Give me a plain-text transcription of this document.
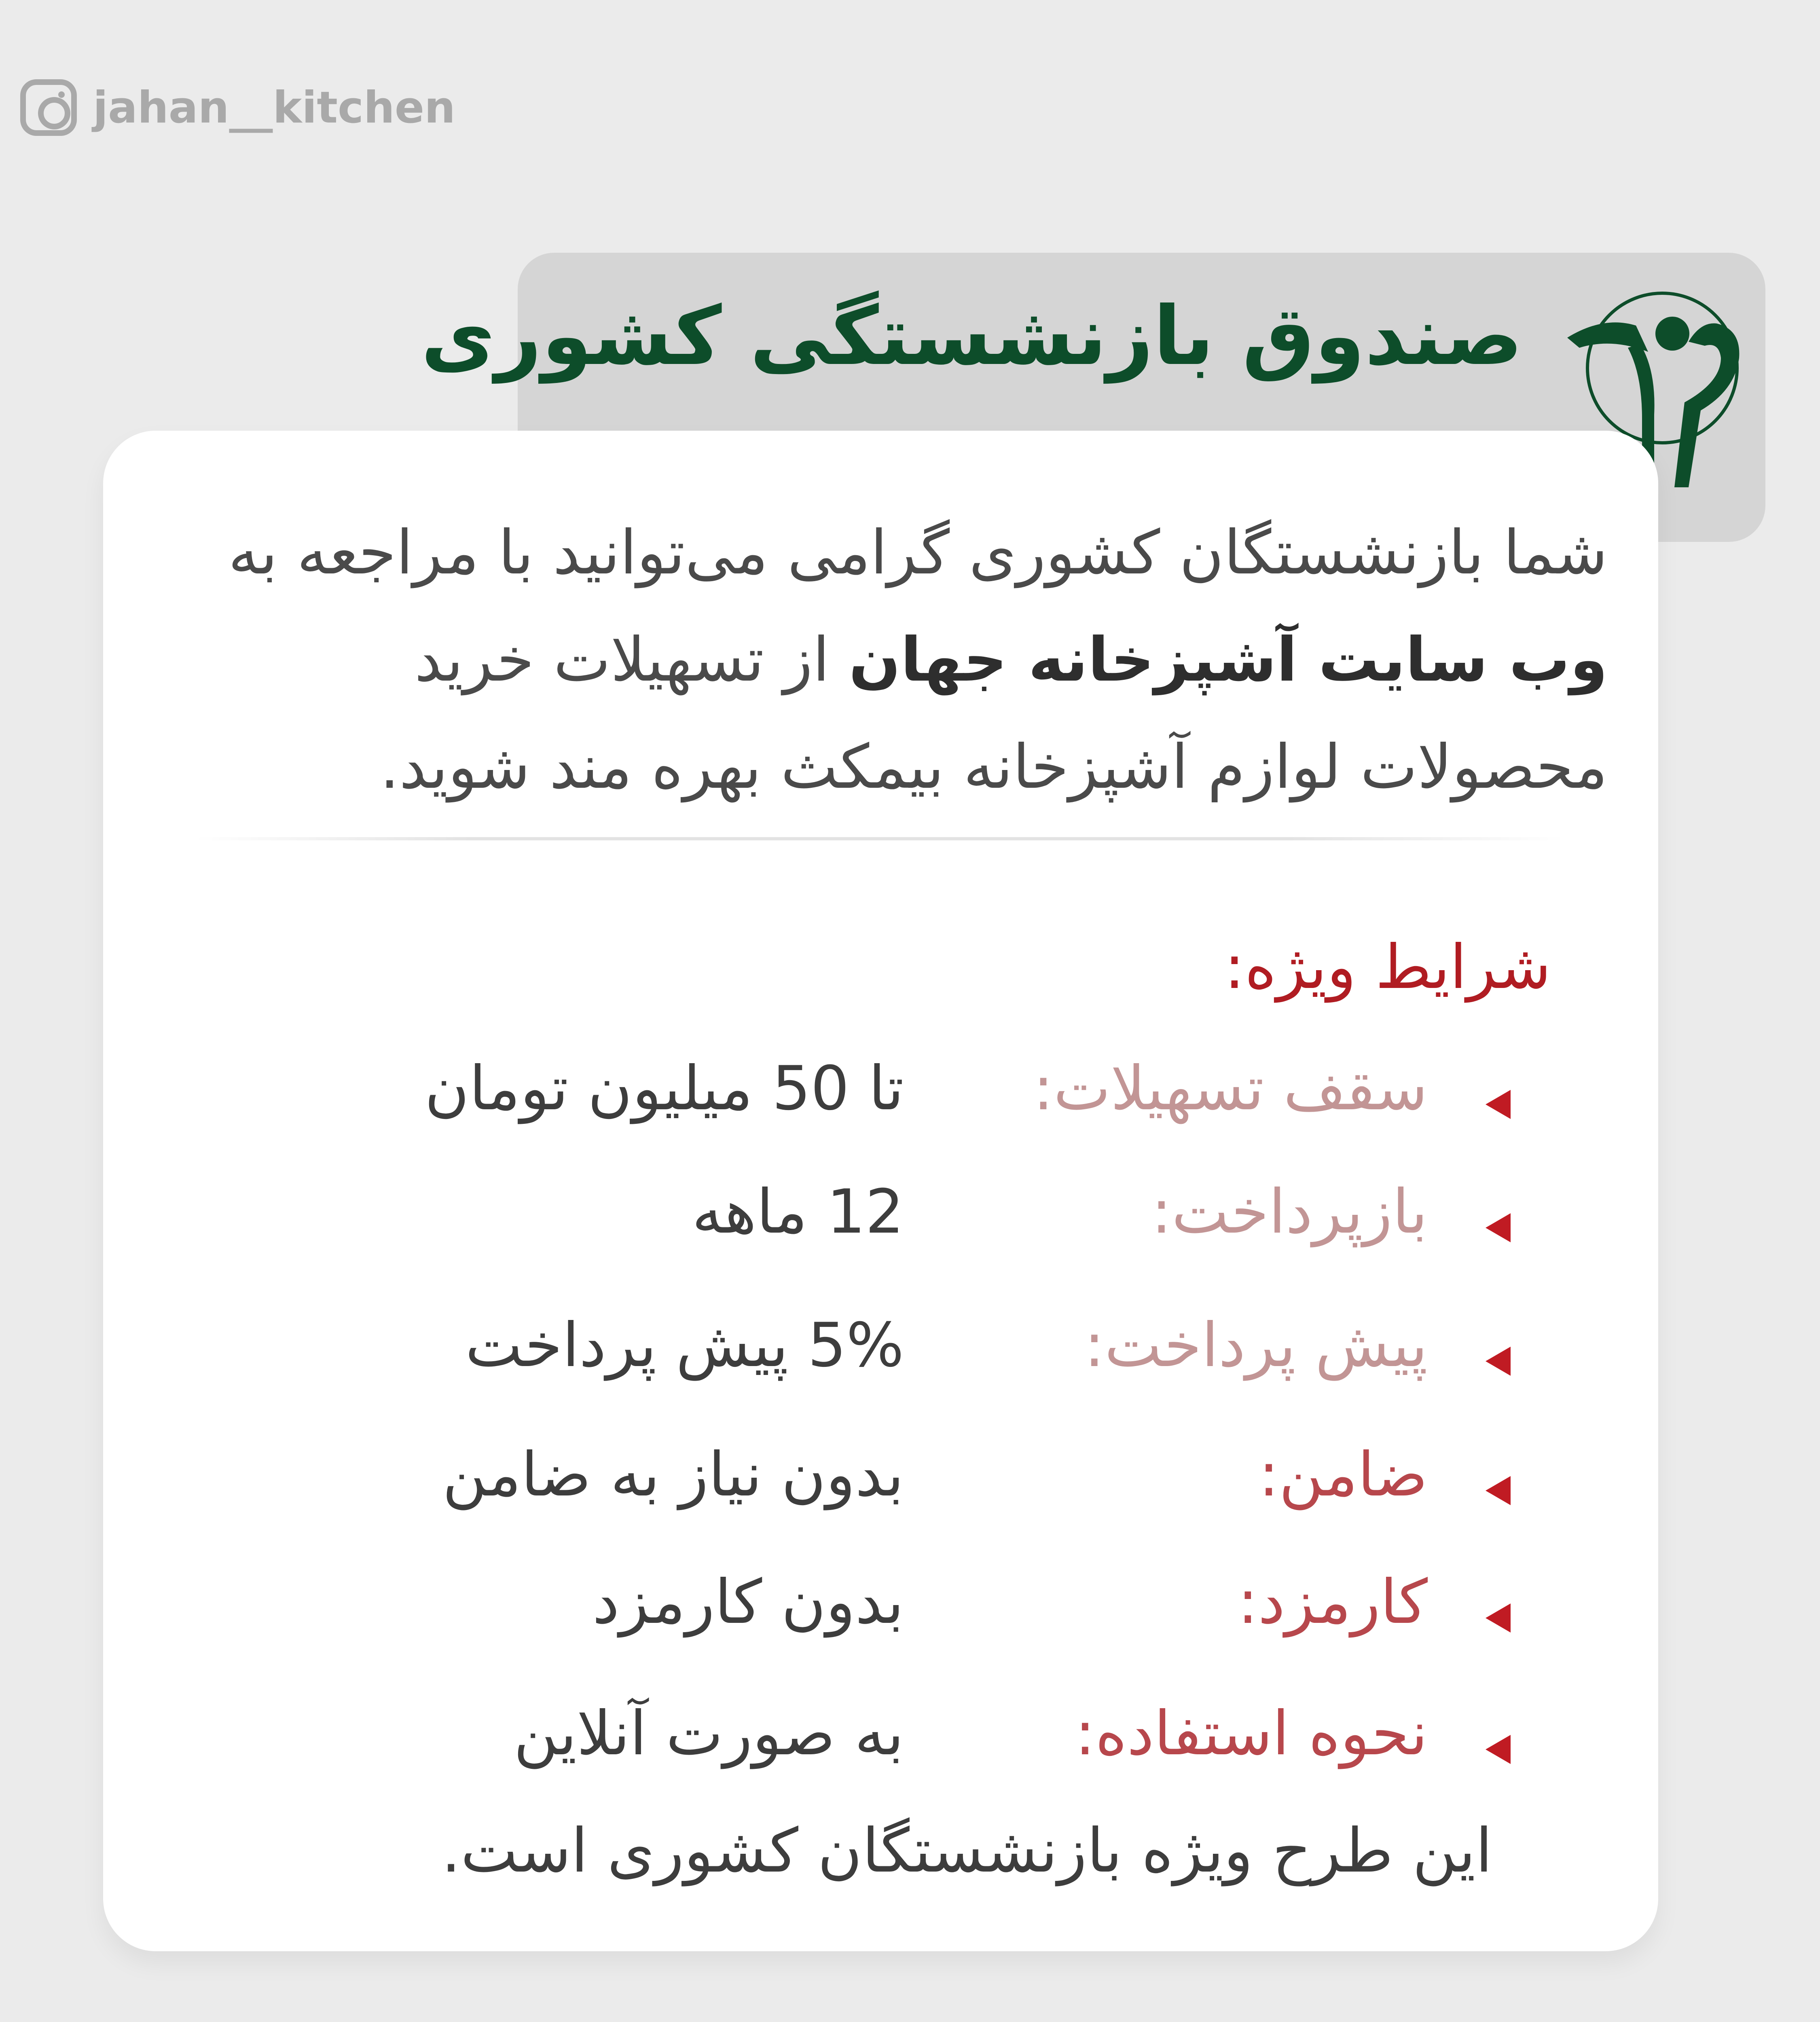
jahan__kitchen
صندوق بازنشستگی کشوری
شما بازنشستگان کشوری گرامی می‌توانید با مراجعه به وب سایت آشپزخانه جهان از تسهیلات خرید محصولات لوازم آشپزخانه بیمکث بهره مند شوید.
شرایط ویژه:
سقف تسهیلات:
تا 50 میلیون تومان
بازپرداخت:
12 ماهه
پیش پرداخت:
5% پیش پرداخت
ضامن:
بدون نیاز به ضامن
کارمزد:
بدون کارمزد
نحوه استفاده:
به صورت آنلاین
این طرح ویژه بازنشستگان کشوری است.
